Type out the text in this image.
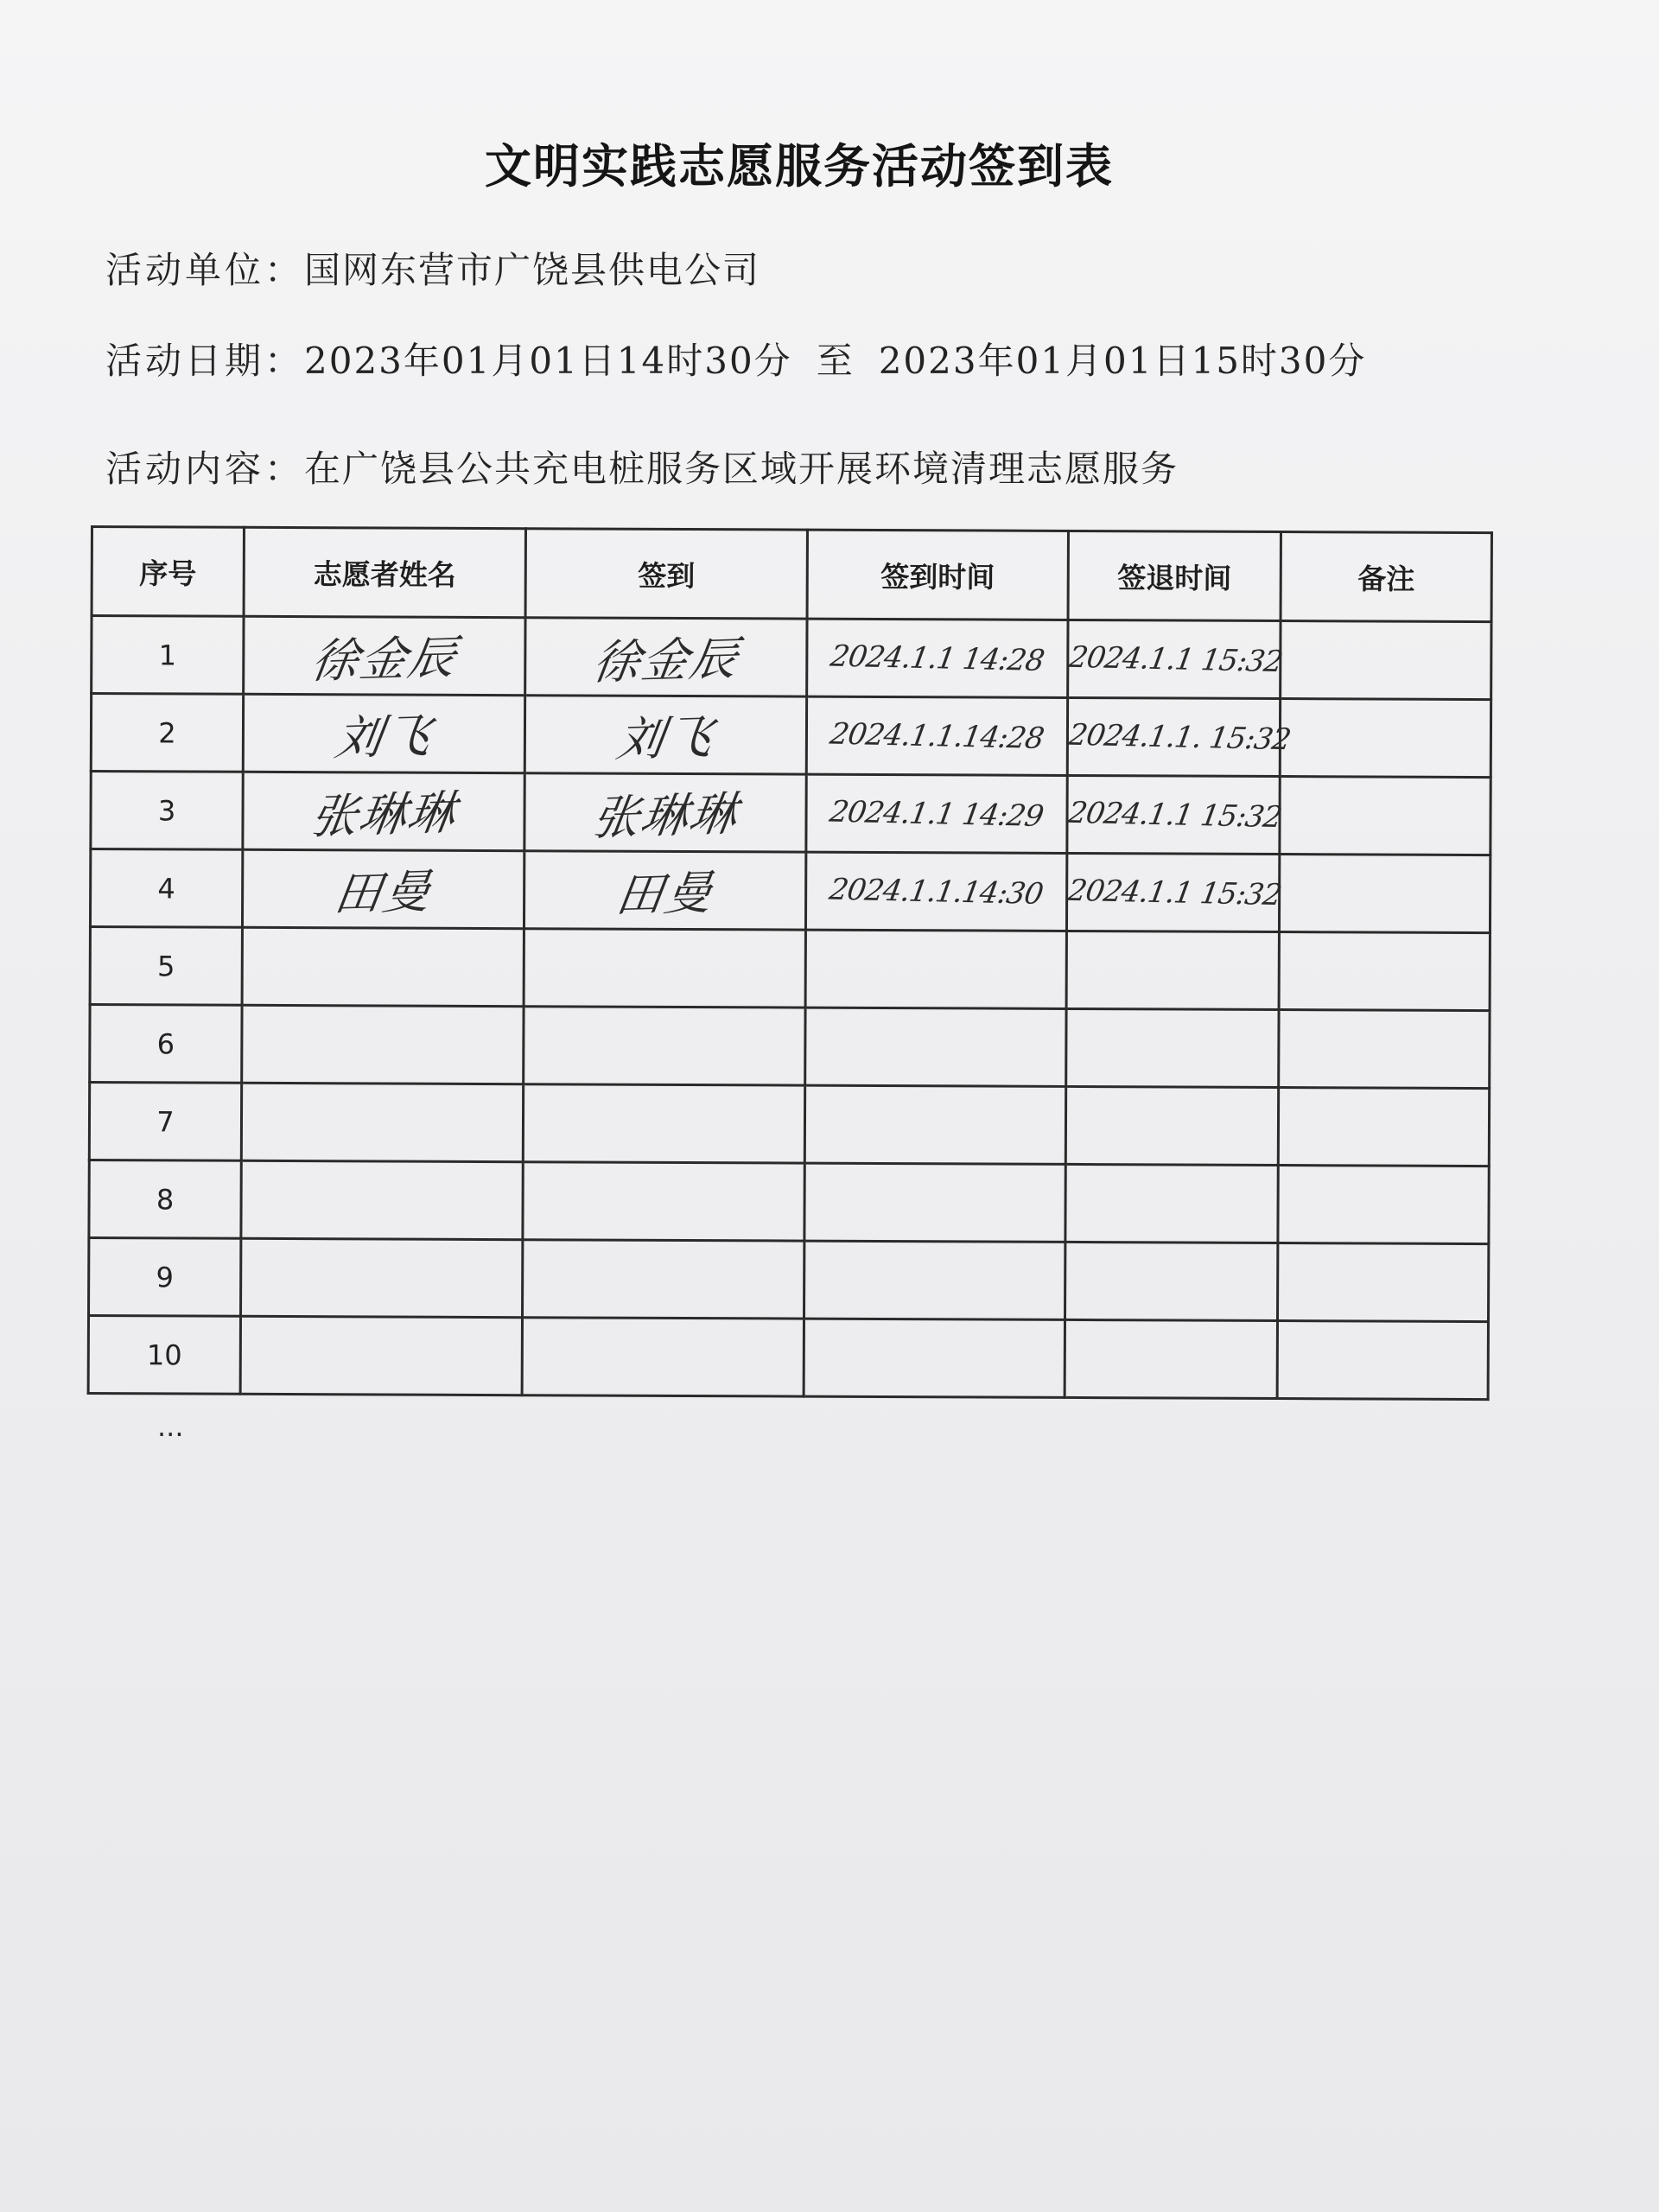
文明实践志愿服务活动签到表
活动单位：国网东营市广饶县供电公司
活动日期：2023年01月01日14时30分 至 2023年01月01日15时30分
活动内容：在广饶县公共充电桩服务区域开展环境清理志愿服务
序号	志愿者姓名	签到	签到时间	签退时间	备注
1	徐金辰	徐金辰	2024.1.1 14:28	2024.1.1 15:32	
2	刘飞	刘飞	2024.1.1.14:28	2024.1.1. 15:32	
3	张琳琳	张琳琳	2024.1.1 14:29	2024.1.1 15:32	
4	田曼	田曼	2024.1.1.14:30	2024.1.1 15:32	
5					
6					
7					
8					
9					
10					
...
